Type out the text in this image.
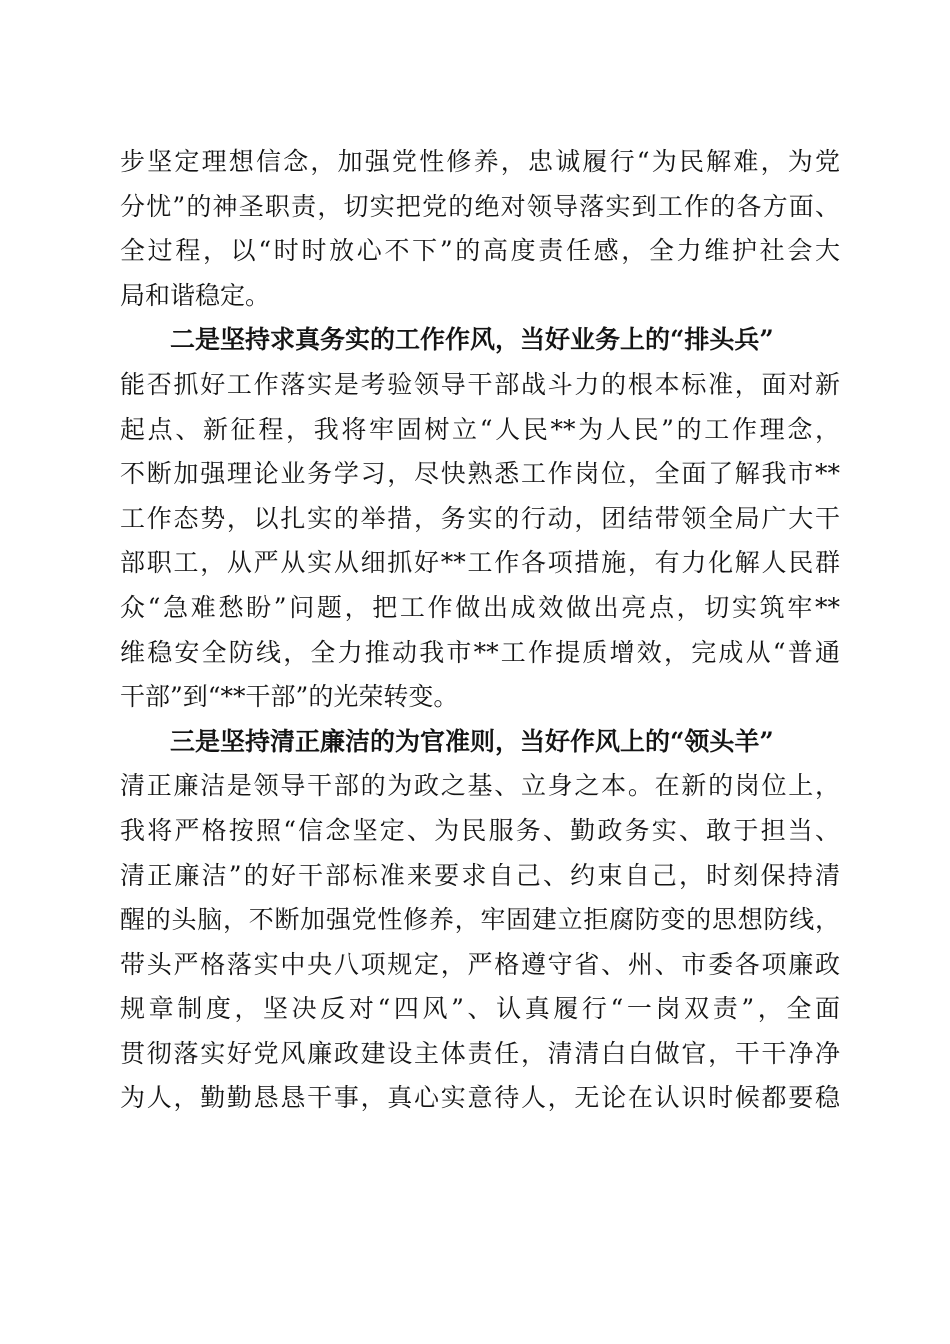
步坚定理想信念，加强党性修养，忠诚履行“为民解难，为党
分忧”的神圣职责，切实把党的绝对领导落实到工作的各方面、
全过程，以“时时放心不下”的高度责任感，全力维护社会大
局和谐稳定。
二是坚持求真务实的工作作风，当好业务上的“排头兵”
能否抓好工作落实是考验领导干部战斗力的根本标准，面对新
起点、新征程，我将牢固树立“人民**为人民”的工作理念，
不断加强理论业务学习，尽快熟悉工作岗位，全面了解我市**
工作态势，以扎实的举措，务实的行动，团结带领全局广大干
部职工，从严从实从细抓好**工作各项措施，有力化解人民群
众“急难愁盼”问题，把工作做出成效做出亮点，切实筑牢**
维稳安全防线，全力推动我市**工作提质增效，完成从“普通
干部”到“**干部”的光荣转变。
三是坚持清正廉洁的为官准则，当好作风上的“领头羊”
清正廉洁是领导干部的为政之基、立身之本。在新的岗位上，
我将严格按照“信念坚定、为民服务、勤政务实、敢于担当、
清正廉洁”的好干部标准来要求自己、约束自己，时刻保持清
醒的头脑，不断加强党性修养，牢固建立拒腐防变的思想防线，
带头严格落实中央八项规定，严格遵守省、州、市委各项廉政
规章制度，坚决反对“四风”、认真履行“一岗双责”，全面
贯彻落实好党风廉政建设主体责任，清清白白做官，干干净净
为人，勤勤恳恳干事，真心实意待人，无论在认识时候都要稳
